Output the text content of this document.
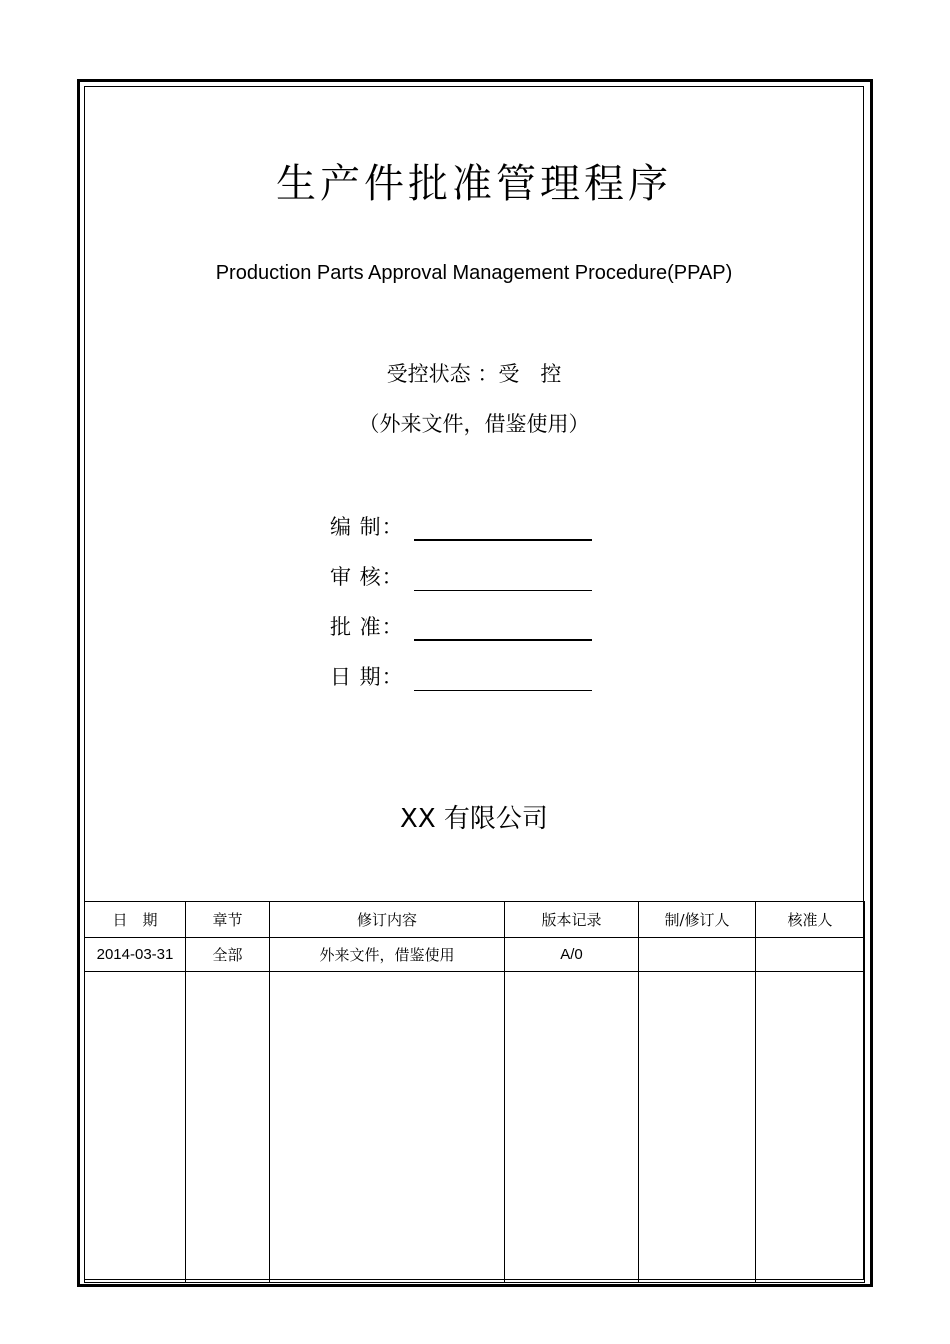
生产件批准管理程序
Production Parts Approval Management Procedure(PPAP)
受控状态 ：受　控
（外来文件，借鉴使用）
编 制：
审 核：
批 准：
日 期：
XX 有限公司
日　期	章节	修订内容	版本记录	制/修订人	核准人
2014-03-31	全部	外来文件，借鉴使用	A/0		
